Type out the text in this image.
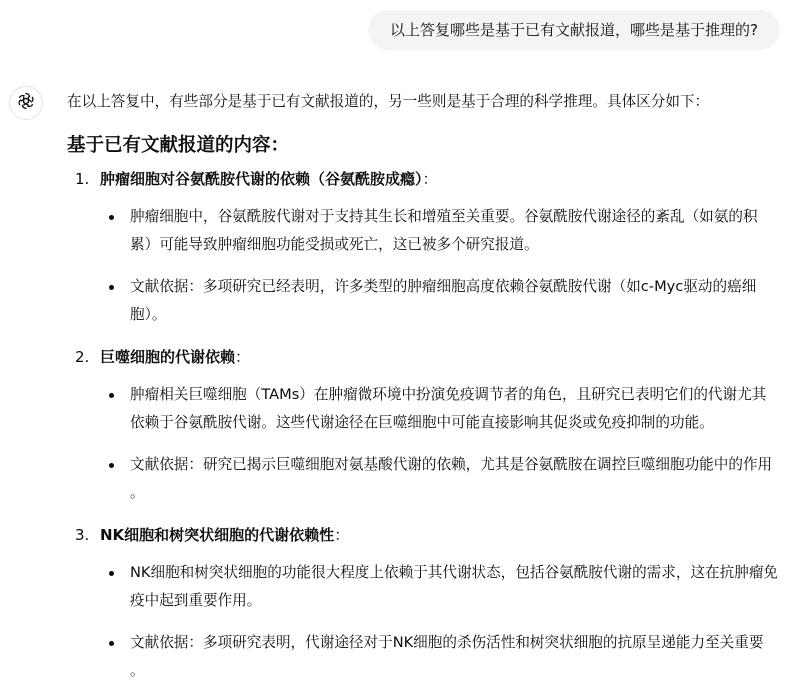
以上答复哪些是基于已有文献报道，哪些是基于推理的?

在以上答复中，有些部分是基于已有文献报道的，另一些则是基于合理的科学推理。具体区分如下：

基于已有文献报道的内容：
1. 肿瘤细胞对谷氨酰胺代谢的依赖（谷氨酰胺成瘾）：
肿瘤细胞中，谷氨酰胺代谢对于支持其生长和增殖至关重要。谷氨酰胺代谢途径的紊乱（如氨的积累）可能导致肿瘤细胞功能受损或死亡，这已被多个研究报道。
文献依据：多项研究已经表明，许多类型的肿瘤细胞高度依赖谷氨酰胺代谢（如c-Myc驱动的癌细胞）。
2. 巨噬细胞的代谢依赖：
肿瘤相关巨噬细胞（TAMs）在肿瘤微环境中扮演免疫调节者的角色，且研究已表明它们的代谢尤其依赖于谷氨酰胺代谢。这些代谢途径在巨噬细胞中可能直接影响其促炎或免疫抑制的功能。
文献依据：研究已揭示巨噬细胞对氨基酸代谢的依赖，尤其是谷氨酰胺在调控巨噬细胞功能中的作用 。
3. NK细胞和树突状细胞的代谢依赖性：
NK细胞和树突状细胞的功能很大程度上依赖于其代谢状态，包括谷氨酰胺代谢的需求，这在抗肿瘤免疫中起到重要作用。
文献依据：多项研究表明，代谢途径对于NK细胞的杀伤活性和树突状细胞的抗原呈递能力至关重要 。
